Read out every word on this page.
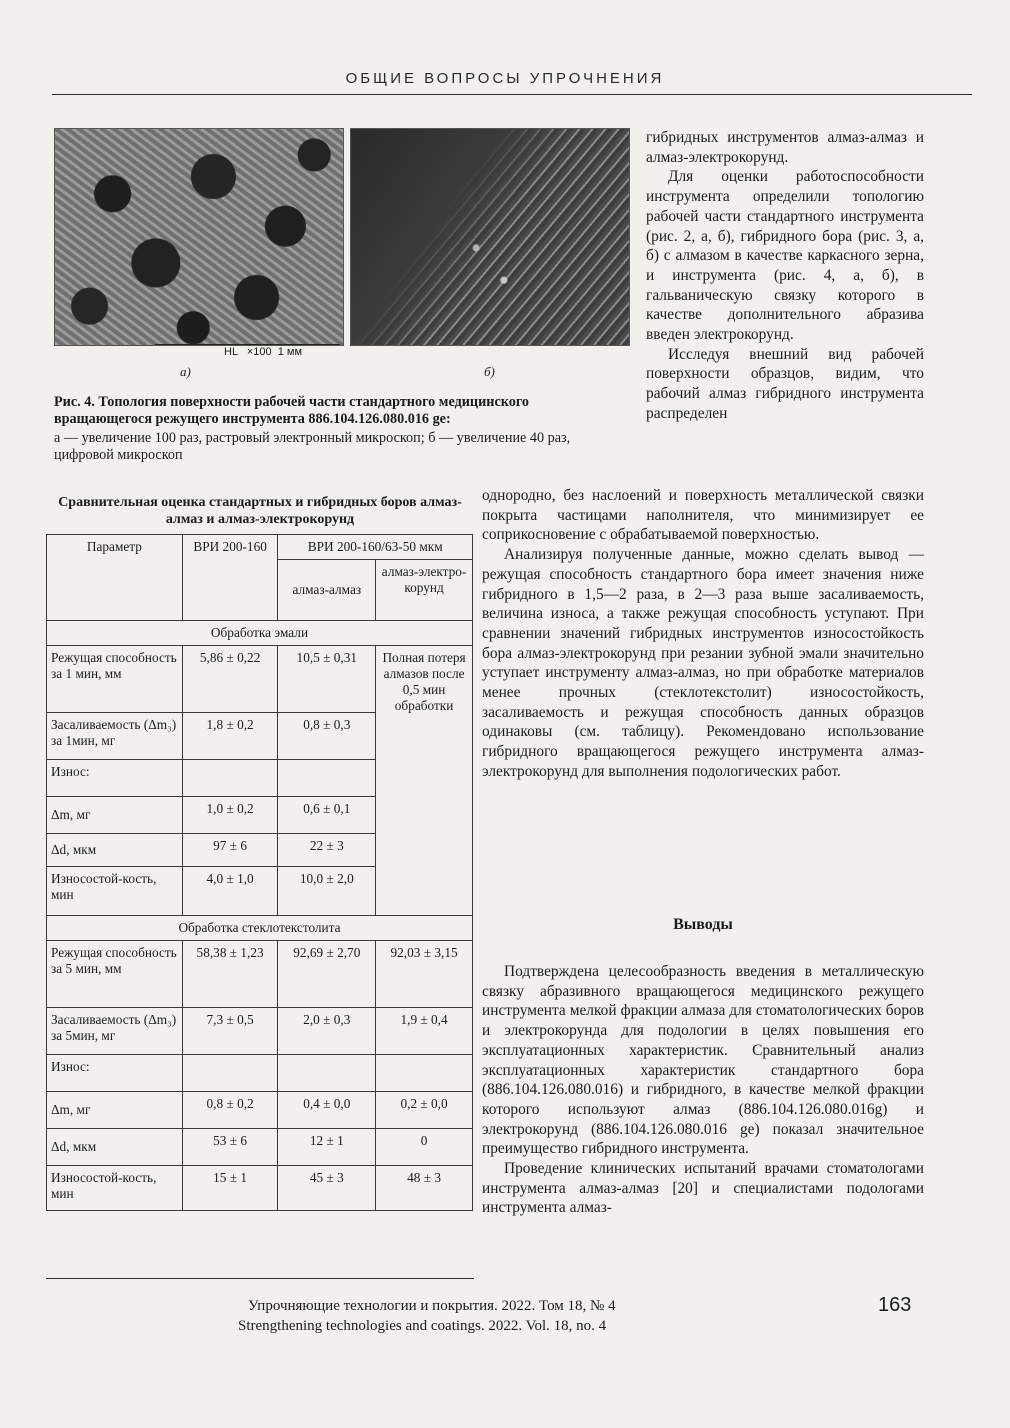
ОБЩИЕ ВОПРОСЫ УПРОЧНЕНИЯ
HL   ×100  1 мм
а)	б)
Рис. 4. Топология поверхности рабочей части стандартного медицинского вращающегося режущего инструмента 886.104.126.080.016 ge:
а — увеличение 100 раз, растровый электронный микроскоп; б — увеличение 40 раз, цифровой микроскоп
Сравнительная оценка стандартных и гибридных боров алмаз-алмаз и алмаз-электрокорунд
Параметр	ВРИ 200-160	ВРИ 200-160/63-50 мкм	
		алмаз-алмаз	алмаз-электро-корунд
Обработка эмали			
Режущая способность за 1 мин, мм	5,86 ± 0,22	10,5 ± 0,31	Полная потеря алмазов после 0,5 мин обработки
Засаливаемость (Δm₃) за 1мин, мг	1,8 ± 0,2	0,8 ± 0,3	
Износ:			
Δm, мг	1,0 ± 0,2	0,6 ± 0,1	
Δd, мкм	97 ± 6	22 ± 3	
Износостой-кость, мин	4,0 ± 1,0	10,0 ± 2,0	
Обработка стеклотекстолита			
Режущая способность за 5 мин, мм	58,38 ± 1,23	92,69 ± 2,70	92,03 ± 3,15
Засаливаемость (Δm₃) за 5мин, мг	7,3 ± 0,5	2,0 ± 0,3	1,9 ± 0,4
Износ:			
Δm, мг	0,8 ± 0,2	0,4 ± 0,0	0,2 ± 0,0
Δd, мкм	53 ± 6	12 ± 1	0
Износостой-кость, мин	15 ± 1	45 ± 3	48 ± 3

гибридных инструментов алмаз-алмаз и алмаз-электрокорунд.

Для оценки работоспособности инструмента определили топологию рабочей части стандартного инструмента (рис. 2, а, б), гибридного бора (рис. 3, а, б) с алмазом в качестве каркасного зерна, и инструмента (рис. 4, а, б), в гальваническую связку которого в качестве дополнительного абразива введен электрокорунд.

Исследуя внешний вид рабочей поверхности образцов, видим, что рабочий алмаз гибридного инструмента распределен

однородно, без наслоений и поверхность металлической связки покрыта частицами наполнителя, что минимизирует ее соприкосновение с обрабатываемой поверхностью.

Анализируя полученные данные, можно сделать вывод — режущая способность стандартного бора имеет значения ниже гибридного в 1,5—2 раза, в 2—3 раза выше засаливаемость, величина износа, а также режущая способность уступают. При сравнении значений гибридных инструментов износостойкость бора алмаз-электрокорунд при резании зубной эмали значительно уступает инструменту алмаз-алмаз, но при обработке материалов менее прочных (стеклотекстолит) износостойкость, засаливаемость и режущая способность данных образцов одинаковы (см. таблицу). Рекомендовано использование гибридного вращающегося режущего инструмента алмаз-электрокорунд для выполнения подологических работ.

Выводы

Подтверждена целесообразность введения в металлическую связку абразивного вращающегося медицинского режущего инструмента мелкой фракции алмаза для стоматологических боров и электрокорунда для подологии в целях повышения его эксплуатационных характеристик. Сравнительный анализ эксплуатационных характеристик стандартного бора (886.104.126.080.016) и гибридного, в качестве мелкой фракции которого используют алмаз (886.104.126.080.016g) и электрокорунд (886.104.126.080.016 ge) показал значительное преимущество гибридного инструмента.

Проведение клинических испытаний врачами стоматологами инструмента алмаз-алмаз [20] и специалистами подологами инструмента алмаз-

Упрочняющие технологии и покрытия. 2022. Том 18, № 4
Strengthening technologies and coatings. 2022. Vol. 18, no. 4
163
